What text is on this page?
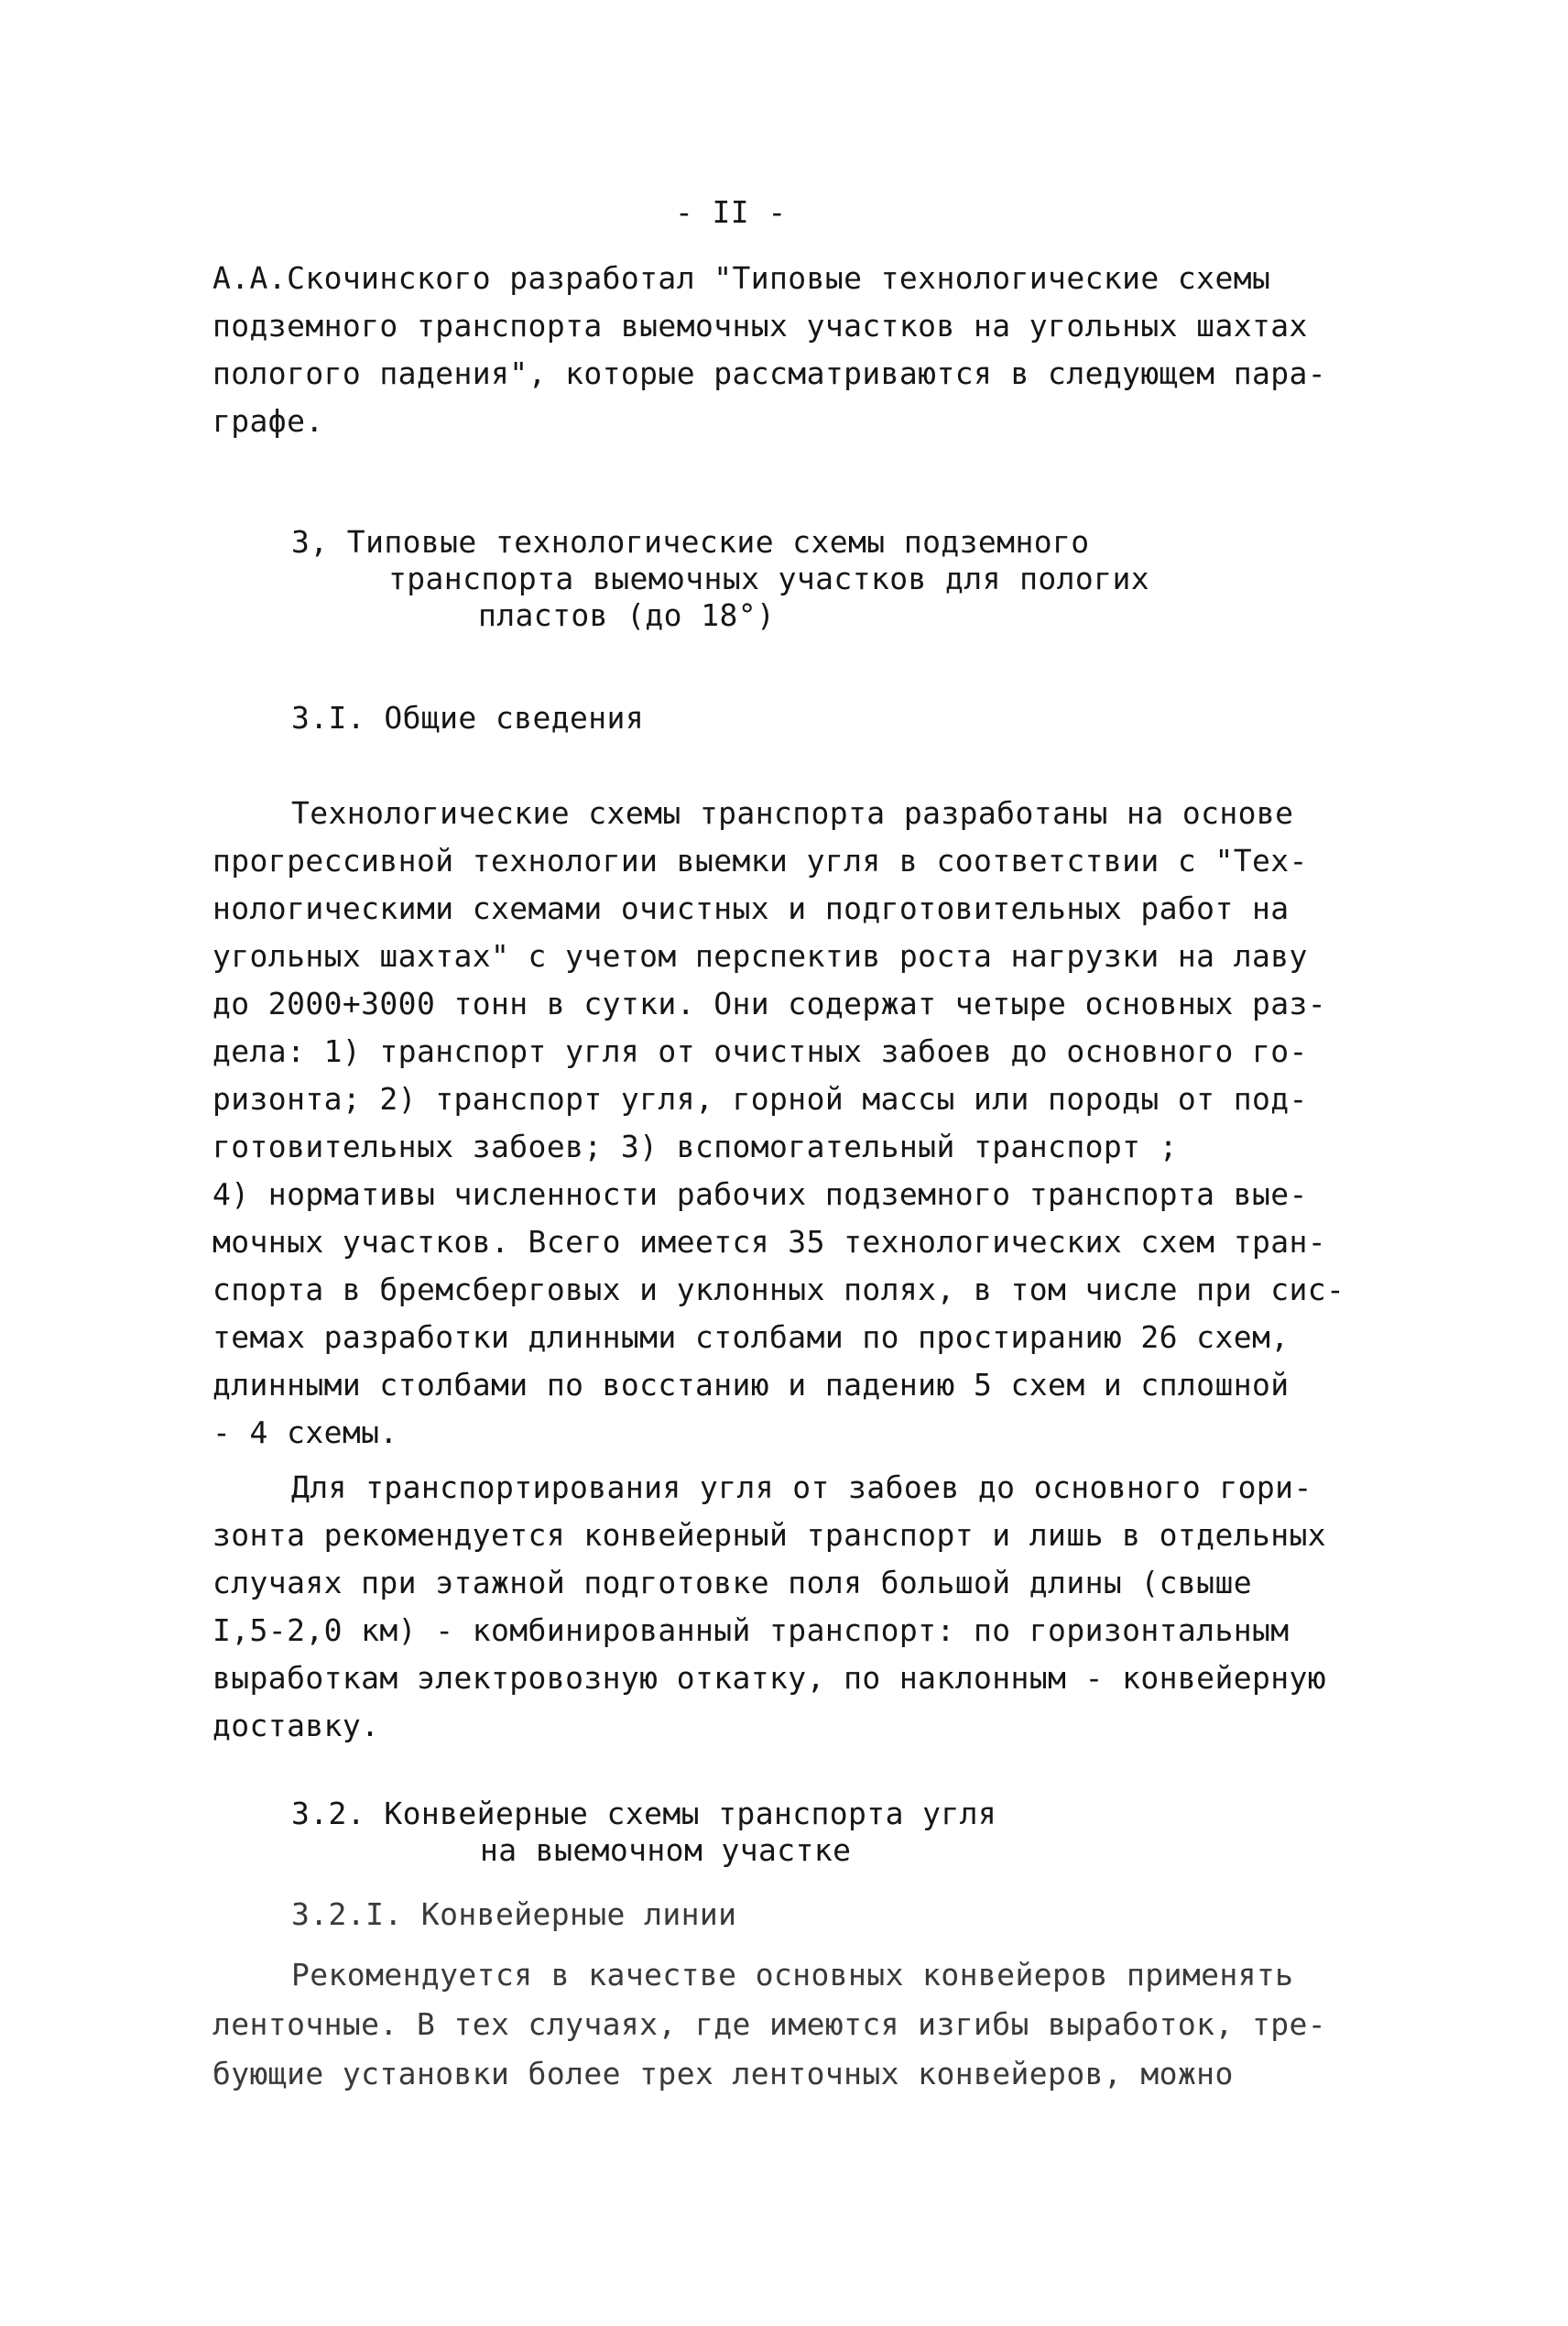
- II -
А.А.Скочинского разработал "Типовые технологические схемы
подземного транспорта выемочных участков на угольных шахтах
пологого падения", которые рассматриваются в следующем пара-
графе.
3, Типовые технологические схемы подземного
транспорта выемочных участков для пологих
пластов (до 18°)
3.I. Общие сведения
Технологические схемы транспорта разработаны на основе
прогрессивной технологии выемки угля в соответствии с "Тех-
нологическими схемами очистных и подготовительных работ на
угольных шахтах" с учетом перспектив роста нагрузки на лаву
до 2000+3000 тонн в сутки. Они содержат четыре основных раз-
дела: 1) транспорт угля от очистных забоев до основного го-
ризонта; 2) транспорт угля, горной массы или породы от под-
готовительных забоев; 3) вспомогательный транспорт ;
4) нормативы численности рабочих подземного транспорта вые-
мочных участков. Всего имеется 35 технологических схем тран-
спорта в бремсберговых и уклонных полях, в том числе при сис-
темах разработки длинными столбами по простиранию 26 схем,
длинными столбами по восстанию и падению 5 схем и сплошной
- 4 схемы.
Для транспортирования угля от забоев до основного гори-
зонта рекомендуется конвейерный транспорт и лишь в отдельных
случаях при этажной подготовке поля большой длины (свыше
I,5-2,0 км) - комбинированный транспорт: по горизонтальным
выработкам электровозную откатку, по наклонным - конвейерную
доставку.
3.2. Конвейерные схемы транспорта угля
на выемочном участке
3.2.I. Конвейерные линии
Рекомендуется в качестве основных конвейеров применять
ленточные. В тех случаях, где имеются изгибы выработок, тре-
бующие установки более трех ленточных конвейеров, можно
